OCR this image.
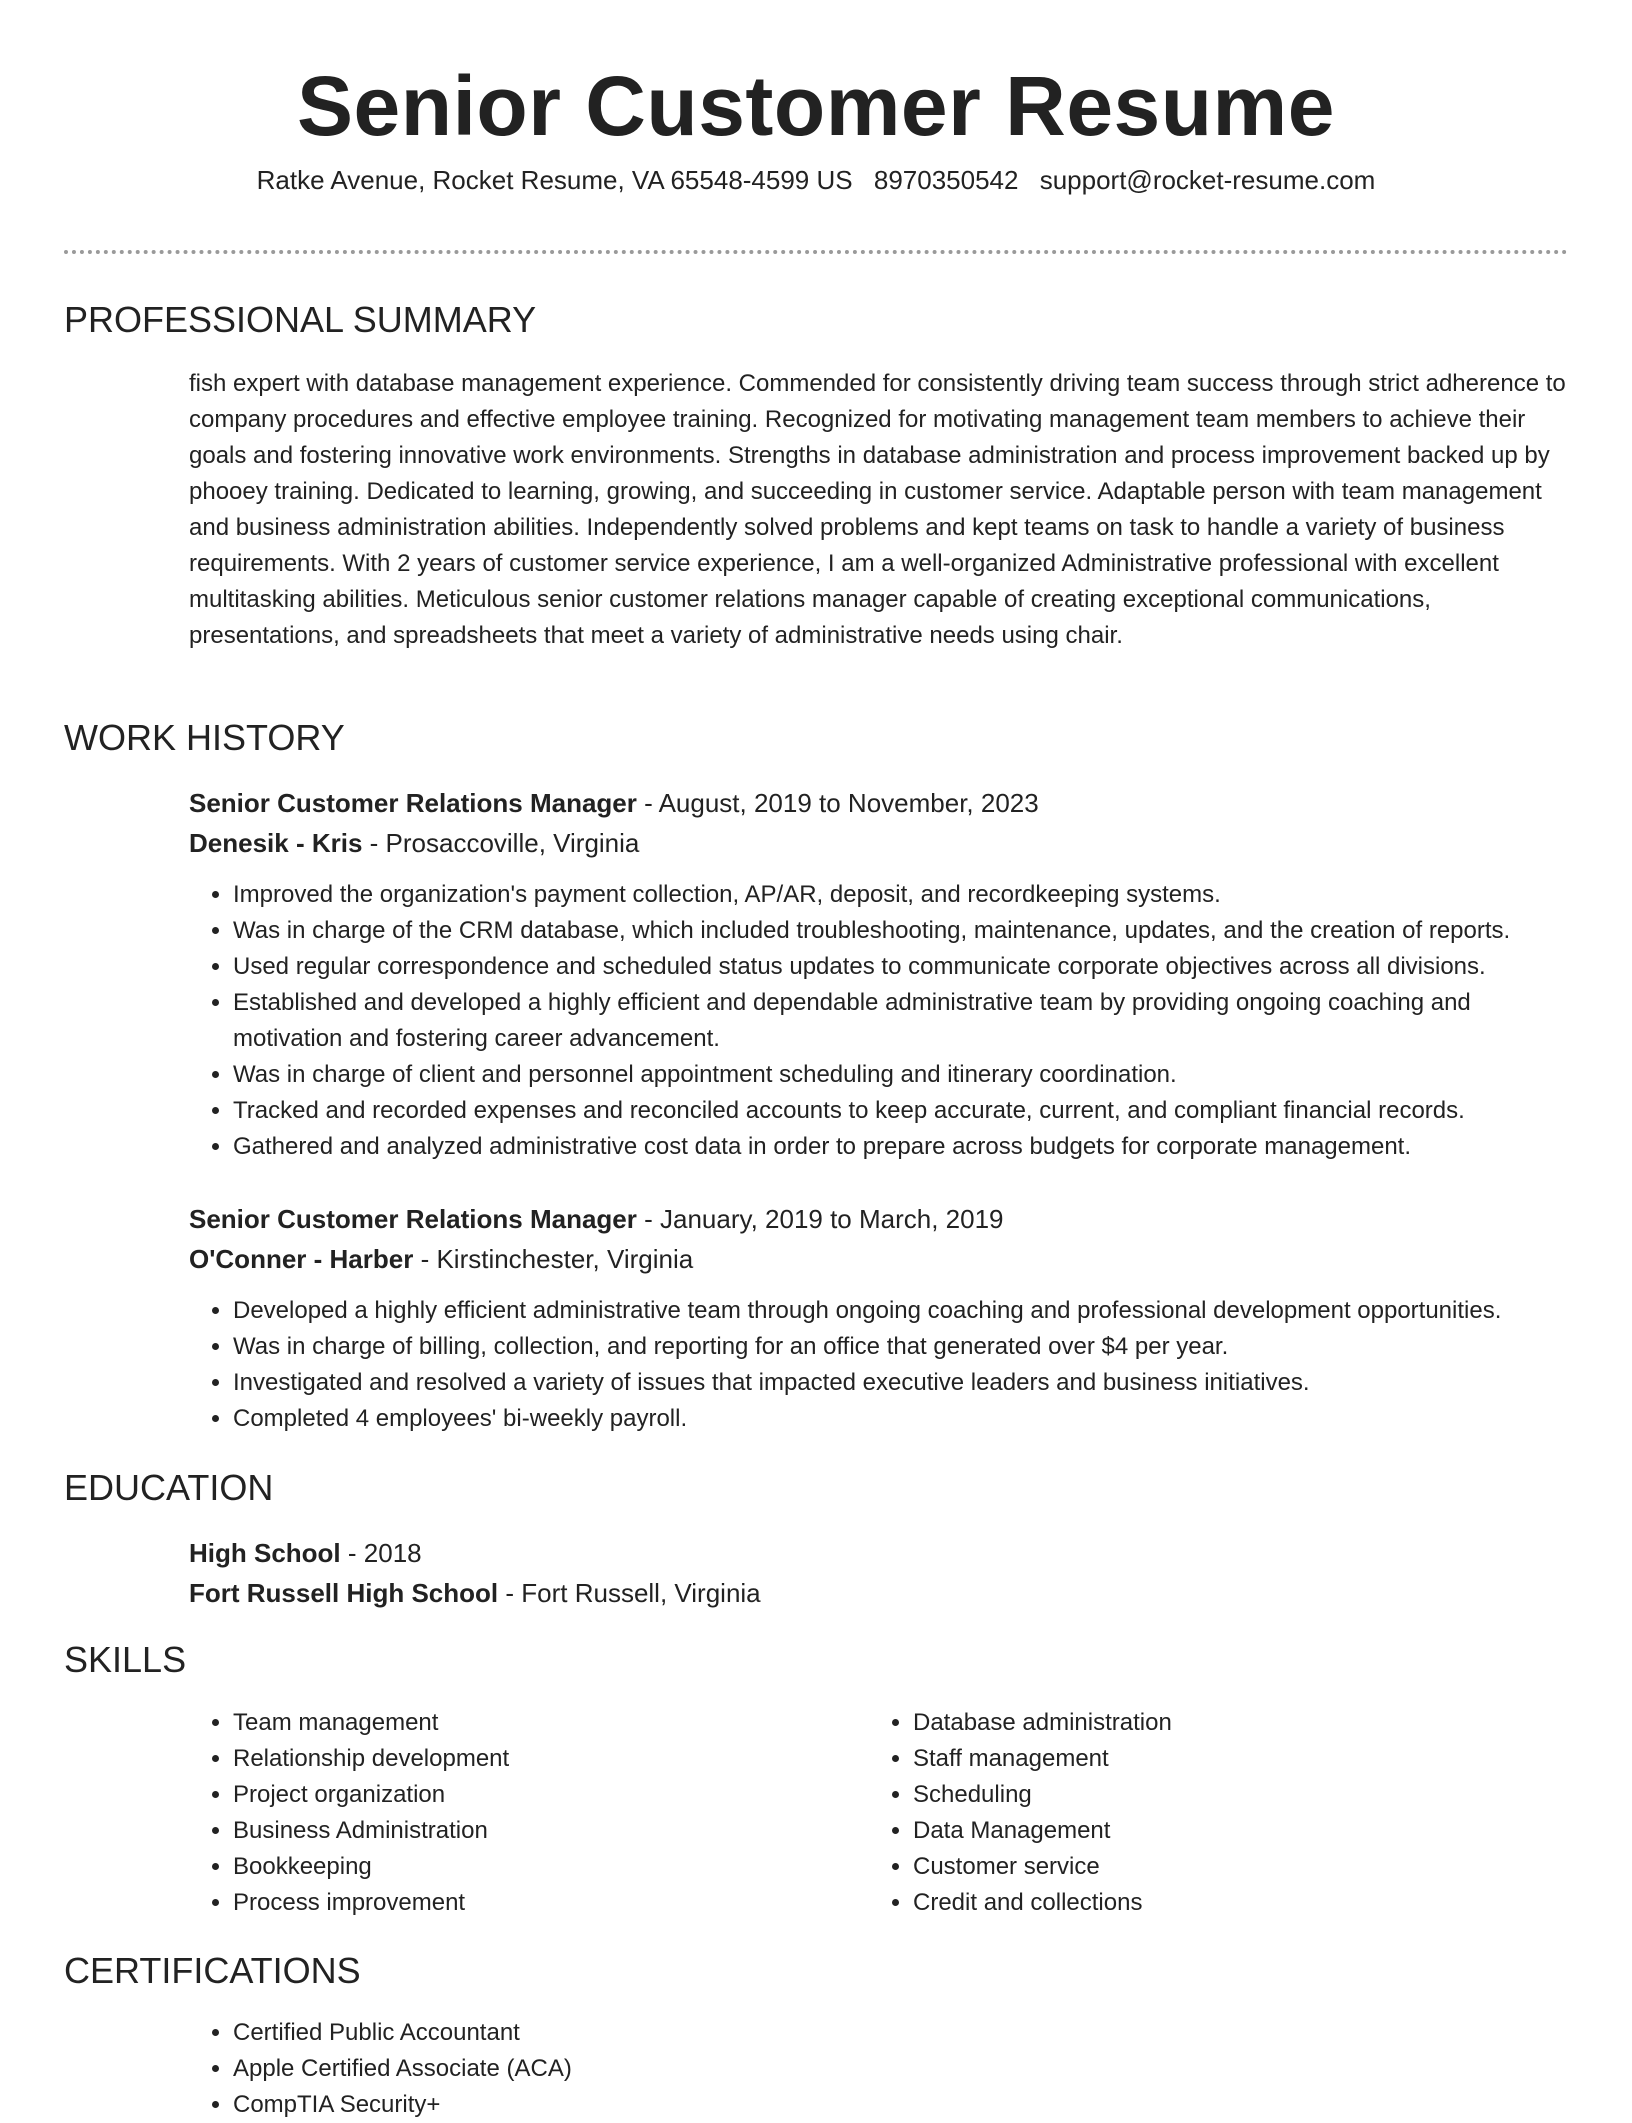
Senior Customer Resume
Ratke Avenue, Rocket Resume, VA 65548-4599 US 8970350542 support@rocket-resume.com
PROFESSIONAL SUMMARY
fish expert with database management experience. Commended for consistently driving team success through strict adherence to company procedures and effective employee training. Recognized for motivating management team members to achieve their goals and fostering innovative work environments. Strengths in database administration and process improvement backed up by phooey training. Dedicated to learning, growing, and succeeding in customer service. Adaptable person with team management and business administration abilities. Independently solved problems and kept teams on task to handle a variety of business requirements. With 2 years of customer service experience, I am a well-organized Administrative professional with excellent multitasking abilities. Meticulous senior customer relations manager capable of creating exceptional communications, presentations, and spreadsheets that meet a variety of administrative needs using chair.
WORK HISTORY
Senior Customer Relations Manager - August, 2019 to November, 2023
Denesik - Kris - Prosaccoville, Virginia
• Improved the organization's payment collection, AP/AR, deposit, and recordkeeping systems.
• Was in charge of the CRM database, which included troubleshooting, maintenance, updates, and the creation of reports.
• Used regular correspondence and scheduled status updates to communicate corporate objectives across all divisions.
• Established and developed a highly efficient and dependable administrative team by providing ongoing coaching and motivation and fostering career advancement.
• Was in charge of client and personnel appointment scheduling and itinerary coordination.
• Tracked and recorded expenses and reconciled accounts to keep accurate, current, and compliant financial records.
• Gathered and analyzed administrative cost data in order to prepare across budgets for corporate management.
Senior Customer Relations Manager - January, 2019 to March, 2019
O'Conner - Harber - Kirstinchester, Virginia
• Developed a highly efficient administrative team through ongoing coaching and professional development opportunities.
• Was in charge of billing, collection, and reporting for an office that generated over $4 per year.
• Investigated and resolved a variety of issues that impacted executive leaders and business initiatives.
• Completed 4 employees' bi-weekly payroll.
EDUCATION
High School - 2018
Fort Russell High School - Fort Russell, Virginia
SKILLS
• Team management
• Relationship development
• Project organization
• Business Administration
• Bookkeeping
• Process improvement
• Database administration
• Staff management
• Scheduling
• Data Management
• Customer service
• Credit and collections
CERTIFICATIONS
• Certified Public Accountant
• Apple Certified Associate (ACA)
• CompTIA Security+
